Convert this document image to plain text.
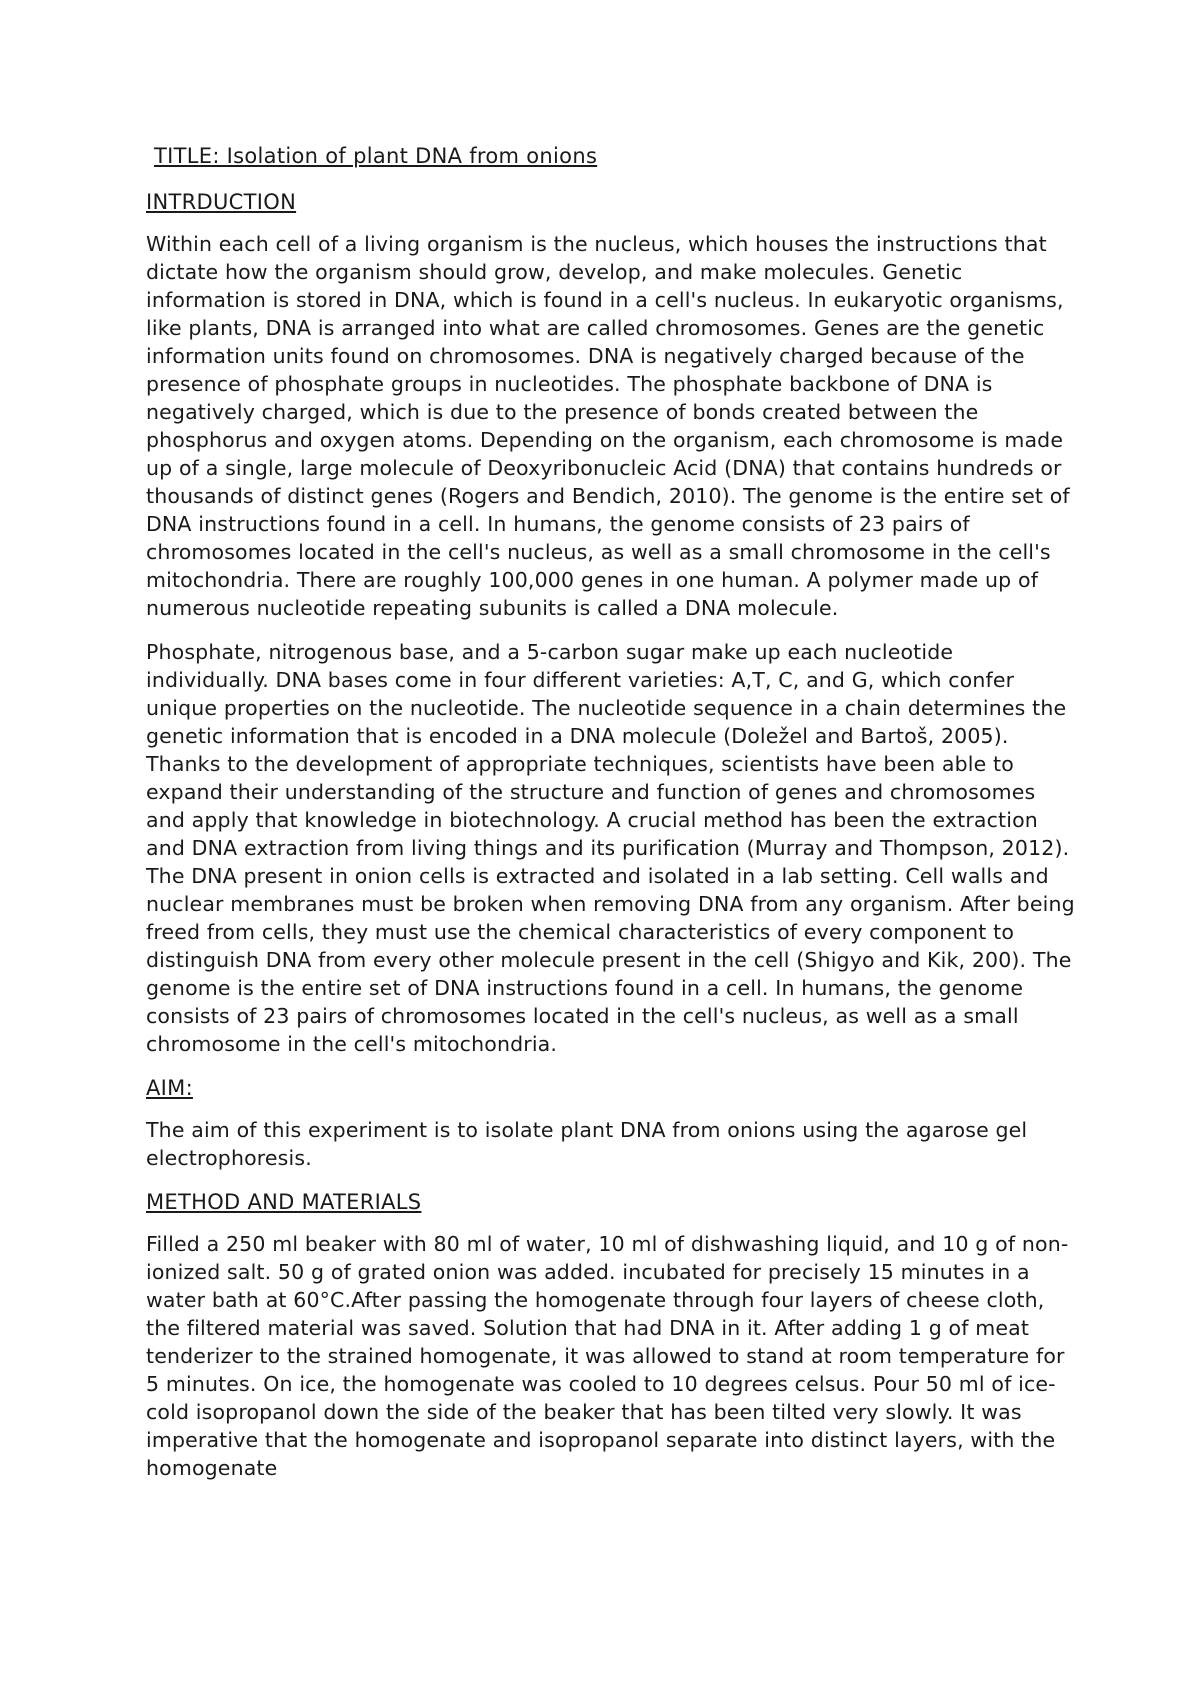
TITLE: Isolation of plant DNA from onions
INTRDUCTION

Within each cell of a living organism is the nucleus, which houses the instructions that dictate how the organism should grow, develop, and make molecules. Genetic information is stored in DNA, which is found in a cell's nucleus. In eukaryotic organisms, like plants, DNA is arranged into what are called chromosomes. Genes are the genetic information units found on chromosomes. DNA is negatively charged because of the presence of phosphate groups in nucleotides. The phosphate backbone of DNA is negatively charged, which is due to the presence of bonds created between the phosphorus and oxygen atoms. Depending on the organism, each chromosome is made up of a single, large molecule of Deoxyribonucleic Acid (DNA) that contains hundreds or thousands of distinct genes (Rogers and Bendich, 2010). The genome is the entire set of DNA instructions found in a cell. In humans, the genome consists of 23 pairs of chromosomes located in the cell's nucleus, as well as a small chromosome in the cell's mitochondria. There are roughly 100,000 genes in one human. A polymer made up of numerous nucleotide repeating subunits is called a DNA molecule.

Phosphate, nitrogenous base, and a 5-carbon sugar make up each nucleotide individually. DNA bases come in four different varieties: A,T, C, and G, which confer unique properties on the nucleotide. The nucleotide sequence in a chain determines the genetic information that is encoded in a DNA molecule (Doležel and Bartoš, 2005). Thanks to the development of appropriate techniques, scientists have been able to expand their understanding of the structure and function of genes and chromosomes and apply that knowledge in biotechnology. A crucial method has been the extraction and DNA extraction from living things and its purification (Murray and Thompson, 2012). The DNA present in onion cells is extracted and isolated in a lab setting. Cell walls and nuclear membranes must be broken when removing DNA from any organism. After being freed from cells, they must use the chemical characteristics of every component to distinguish DNA from every other molecule present in the cell (Shigyo and Kik, 200). The genome is the entire set of DNA instructions found in a cell. In humans, the genome consists of 23 pairs of chromosomes located in the cell's nucleus, as well as a small chromosome in the cell's mitochondria.

AIM:

The aim of this experiment is to isolate plant DNA from onions using the agarose gel electrophoresis.

METHOD AND MATERIALS

Filled a 250 ml beaker with 80 ml of water, 10 ml of dishwashing liquid, and 10 g of non-ionized salt. 50 g of grated onion was added. incubated for precisely 15 minutes in a water bath at 60°C.After passing the homogenate through four layers of cheese cloth, the filtered material was saved. Solution that had DNA in it. After adding 1 g of meat tenderizer to the strained homogenate, it was allowed to stand at room temperature for 5 minutes. On ice, the homogenate was cooled to 10 degrees celsus. Pour 50 ml of ice-cold isopropanol down the side of the beaker that has been tilted very slowly. It was imperative that the homogenate and isopropanol separate into distinct layers, with the homogenate
